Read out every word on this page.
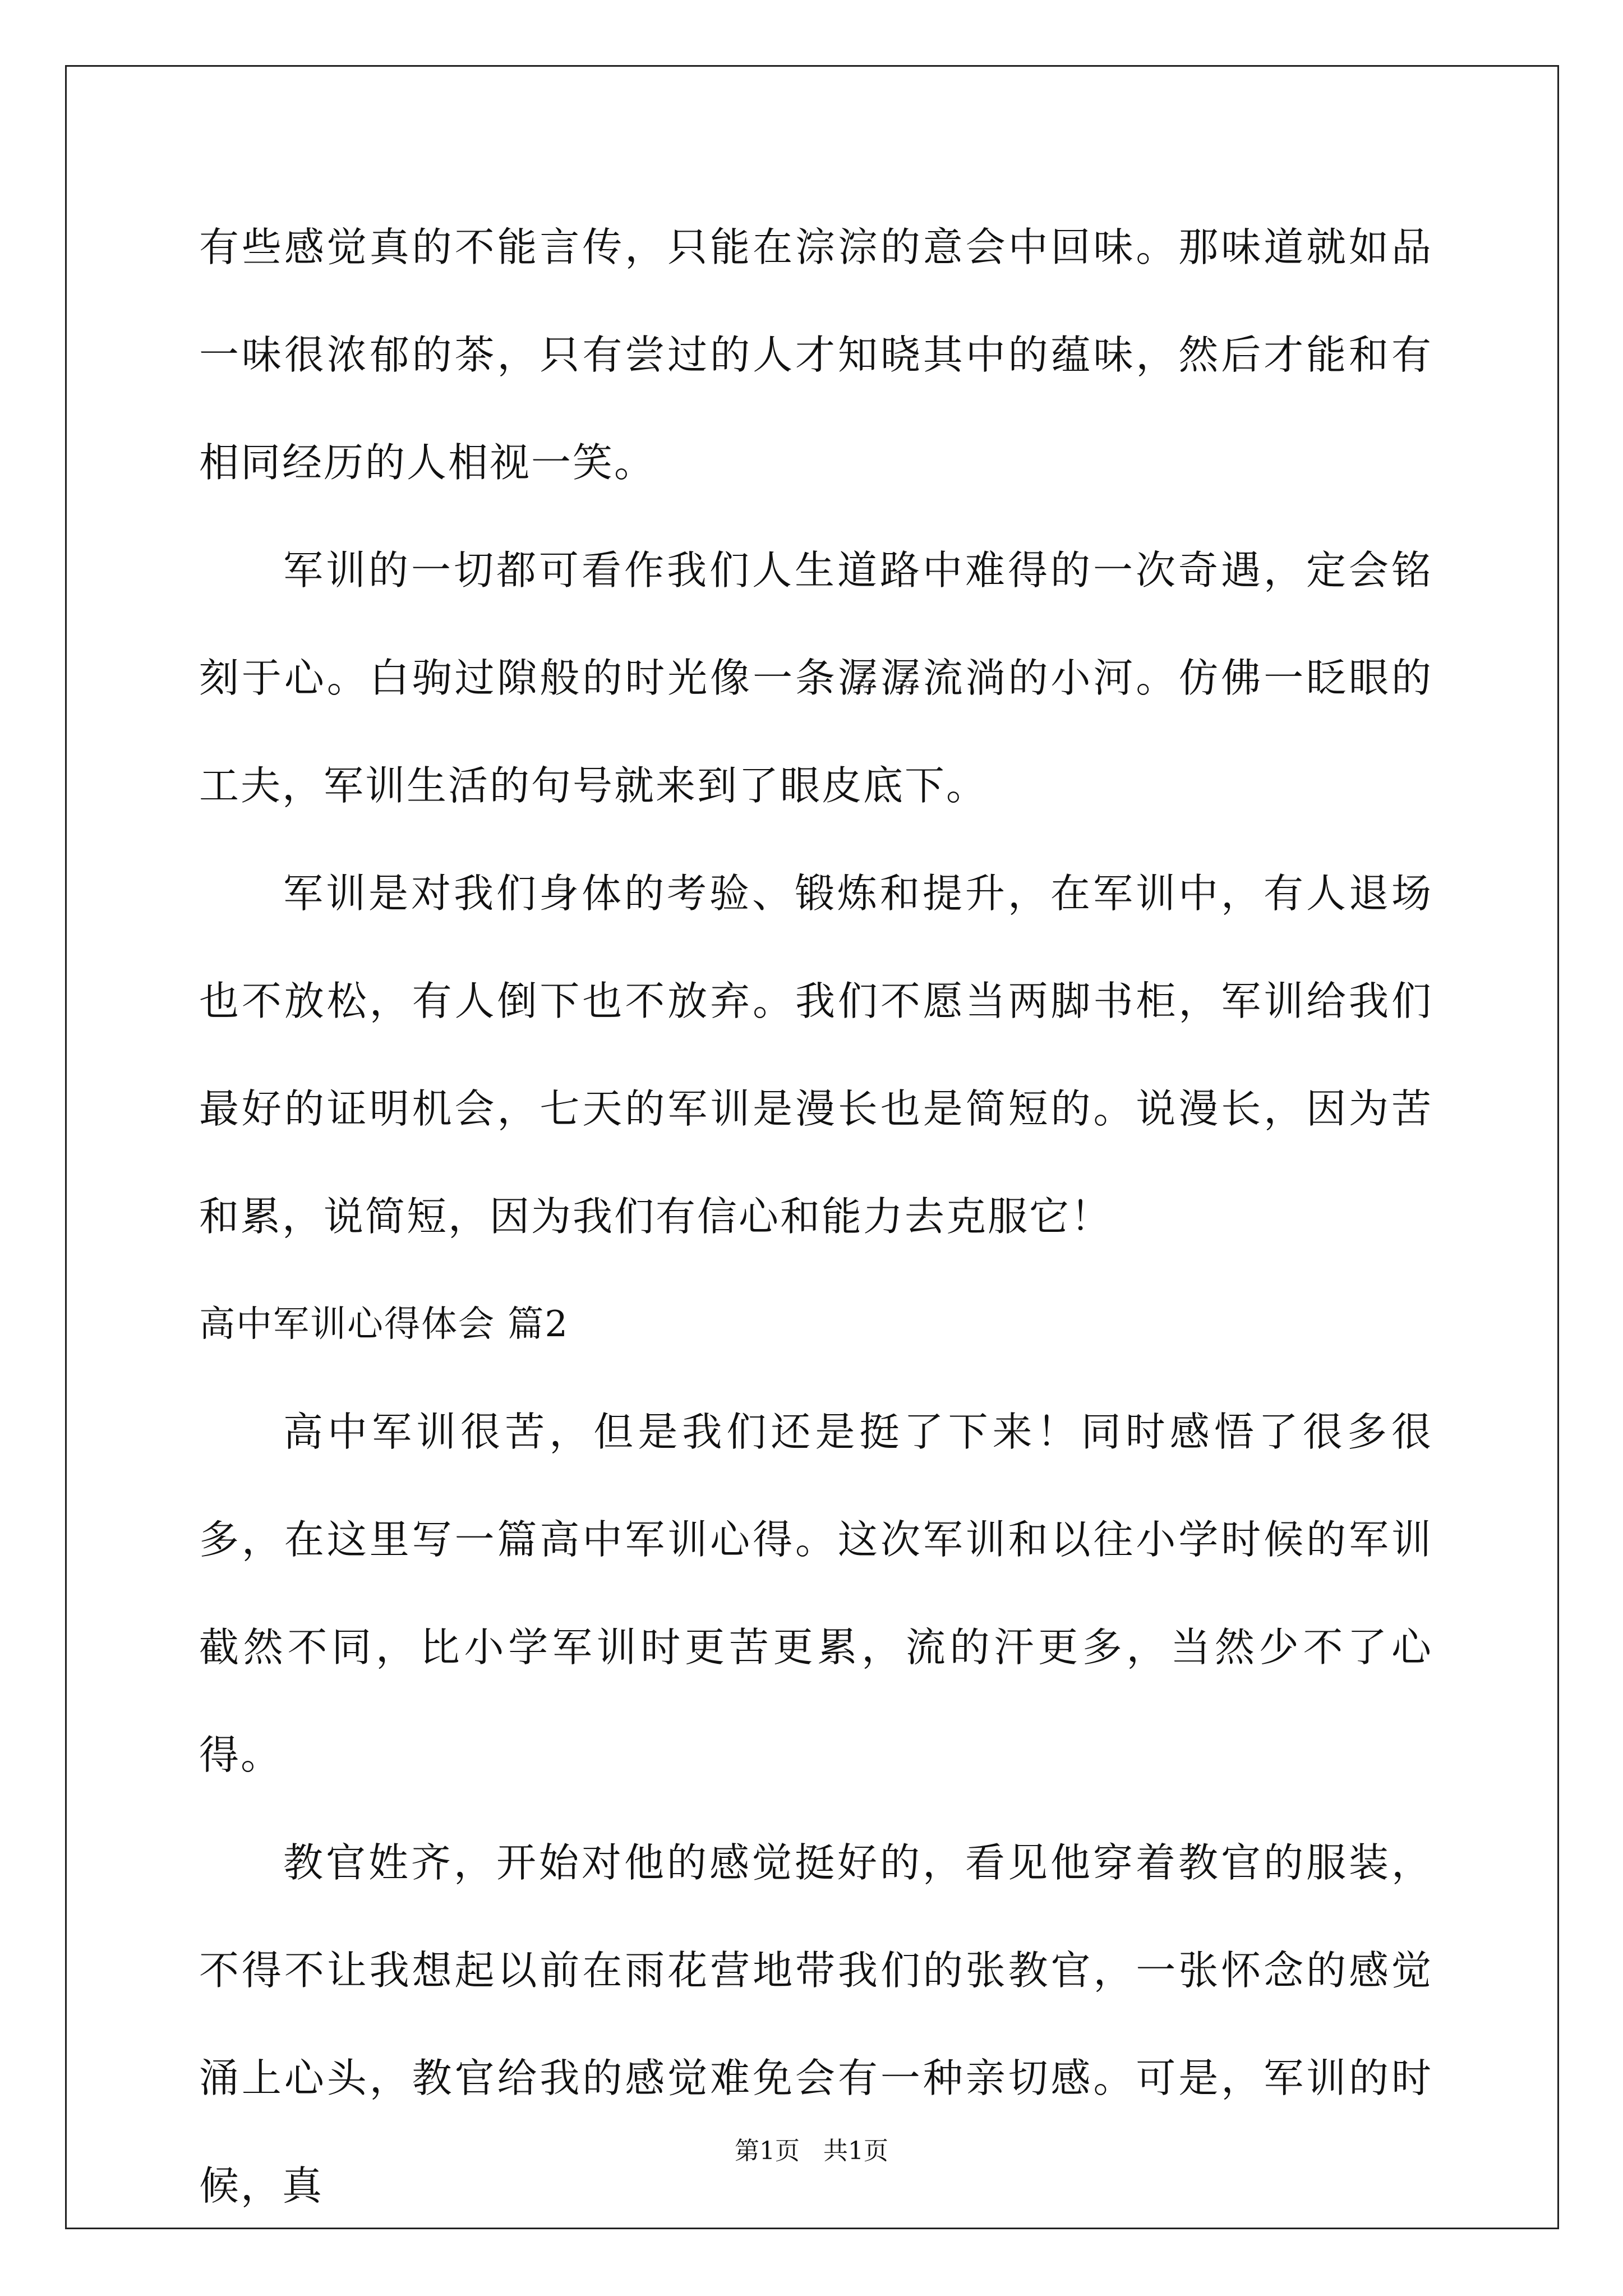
有些感觉真的不能言传，只能在淙淙的意会中回味。那味道就如品一味很浓郁的茶，只有尝过的人才知晓其中的蕴味，然后才能和有相同经历的人相视一笑。

军训的一切都可看作我们人生道路中难得的一次奇遇，定会铭刻于心。白驹过隙般的时光像一条潺潺流淌的小河。仿佛一眨眼的工夫，军训生活的句号就来到了眼皮底下。

军训是对我们身体的考验、锻炼和提升，在军训中，有人退场也不放松，有人倒下也不放弃。我们不愿当两脚书柜，军训给我们最好的证明机会，七天的军训是漫长也是简短的。说漫长，因为苦和累，说简短，因为我们有信心和能力去克服它！

高中军训心得体会 篇2

高中军训很苦，但是我们还是挺了下来！同时感悟了很多很多，在这里写一篇高中军训心得。这次军训和以往小学时候的军训截然不同，比小学军训时更苦更累，流的汗更多，当然少不了心得。

教官姓齐，开始对他的感觉挺好的，看见他穿着教官的服装，不得不让我想起以前在雨花营地带我们的张教官，一张怀念的感觉涌上心头，教官给我的感觉难免会有一种亲切感。可是，军训的时候，真

第1页 共1页
